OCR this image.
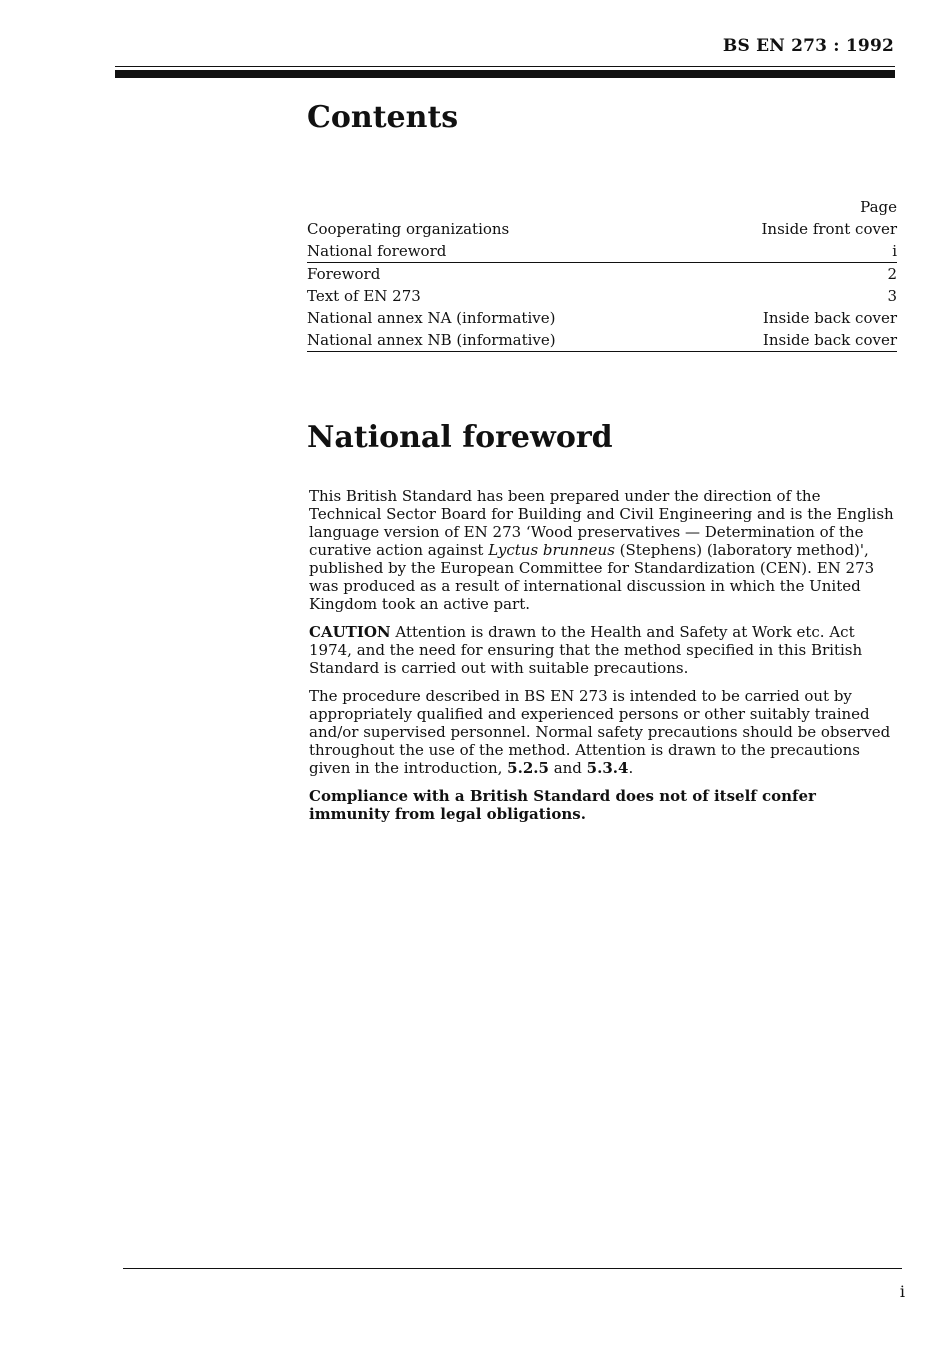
BS EN 273 : 1992
Contents
Page
Cooperating organizations	Inside front cover
National foreword	i
Foreword	2
Text of EN 273	3
National annex NA (informative)	Inside back cover
National annex NB (informative)	Inside back cover
National foreword

This British Standard has been prepared under the direction of the Technical Sector Board for Building and Civil Engineering and is the English language version of EN 273 ‘Wood preservatives — Determination of the curative action against Lyctus brunneus (Stephens) (laboratory method)', published by the European Committee for Standardization (CEN). EN 273 was produced as a result of international discussion in which the United Kingdom took an active part.

CAUTION Attention is drawn to the Health and Safety at Work etc. Act 1974, and the need for ensuring that the method specified in this British Standard is carried out with suitable precautions.

The procedure described in BS EN 273 is intended to be carried out by appropriately qualified and experienced persons or other suitably trained and/or supervised personnel. Normal safety precautions should be observed throughout the use of the method. Attention is drawn to the precautions given in the introduction, 5.2.5 and 5.3.4.

Compliance with a British Standard does not of itself confer immunity from legal obligations.

i
